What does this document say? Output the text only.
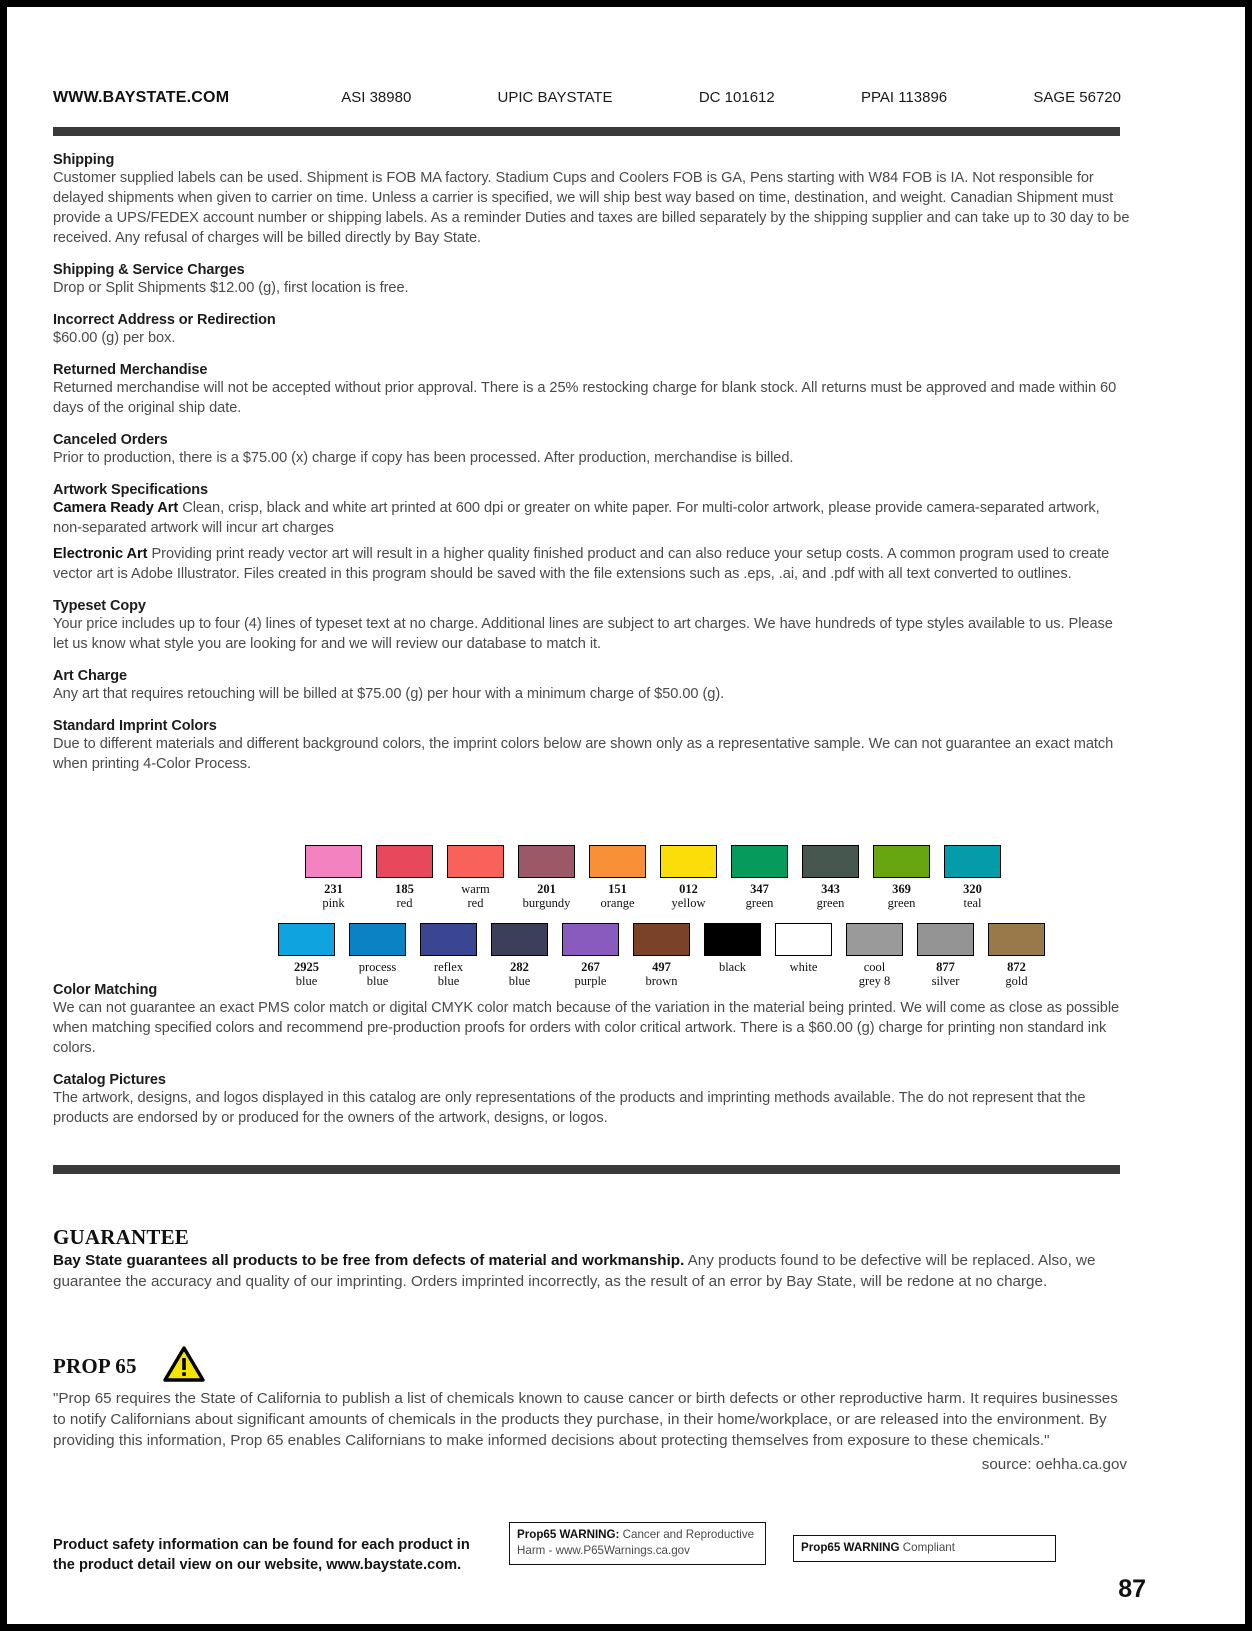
WWW.BAYSTATE.COM	ASI 38980	UPIC BAYSTATE	DC 101612	PPAI 113896	SAGE 56720
Shipping

Customer supplied labels can be used. Shipment is FOB MA factory. Stadium Cups and Coolers FOB is GA, Pens starting with W84 FOB is IA. Not responsible for delayed shipments when given to carrier on time. Unless a carrier is specified, we will ship best way based on time, destination, and weight. Canadian Shipment must provide a UPS/FEDEX account number or shipping labels. As a reminder Duties and taxes are billed separately by the shipping supplier and can take up to 30 day to be received. Any refusal of charges will be billed directly by Bay State.

Shipping & Service Charges

Drop or Split Shipments $12.00 (g), first location is free.

Incorrect Address or Redirection

$60.00 (g) per box.

Returned Merchandise

Returned merchandise will not be accepted without prior approval. There is a 25% restocking charge for blank stock. All returns must be approved and made within 60 days of the original ship date.

Canceled Orders

Prior to production, there is a $75.00 (x) charge if copy has been processed. After production, merchandise is billed.

Artwork Specifications

Camera Ready Art Clean, crisp, black and white art printed at 600 dpi or greater on white paper. For multi-color artwork, please provide camera-separated artwork, non-separated artwork will incur art charges

Electronic Art Providing print ready vector art will result in a higher quality finished product and can also reduce your setup costs. A common program used to create vector art is Adobe Illustrator. Files created in this program should be saved with the file extensions such as .eps, .ai, and .pdf with all text converted to outlines.

Typeset Copy

Your price includes up to four (4) lines of typeset text at no charge. Additional lines are subject to art charges. We have hundreds of type styles available to us. Please let us know what style you are looking for and we will review our database to match it.

Art Charge

Any art that requires retouching will be billed at $75.00 (g) per hour with a minimum charge of $50.00 (g).

Standard Imprint Colors

Due to different materials and different background colors, the imprint colors below are shown only as a representative sample. We can not guarantee an exact match when printing 4-Color Process.

231
pink
185
red
warm
red
201
burgundy
151
orange
012
yellow
347
green
343
green
369
green
320
teal
2925
blue
process
blue
reflex
blue
282
blue
267
purple
497
brown
black	white	cool
grey 8
877
silver
872
gold
Color Matching

We can not guarantee an exact PMS color match or digital CMYK color match because of the variation in the material being printed. We will come as close as possible when matching specified colors and recommend pre-production proofs for orders with color critical artwork. There is a $60.00 (g) charge for printing non standard ink colors.

Catalog Pictures

The artwork, designs, and logos displayed in this catalog are only representations of the products and imprinting methods available. The do not represent that the products are endorsed by or produced for the owners of the artwork, designs, or logos.

GUARANTEE

Bay State guarantees all products to be free from defects of material and workmanship. Any products found to be defective will be replaced. Also, we guarantee the accuracy and quality of our imprinting. Orders imprinted incorrectly, as the result of an error by Bay State, will be redone at no charge.

PROP 65

"Prop 65 requires the State of California to publish a list of chemicals known to cause cancer or birth defects or other reproductive harm. It requires businesses to notify Californians about significant amounts of chemicals in the products they purchase, in their home/workplace, or are released into the environment. By providing this information, Prop 65 enables Californians to make informed decisions about protecting themselves from exposure to these chemicals."

source: oehha.ca.gov
Product safety information can be found for each product in the product detail view on our website, www.baystate.com.
Prop65 WARNING: Cancer and Reproductive Harm - www.P65Warnings.ca.gov	Prop65 WARNING Compliant
87
